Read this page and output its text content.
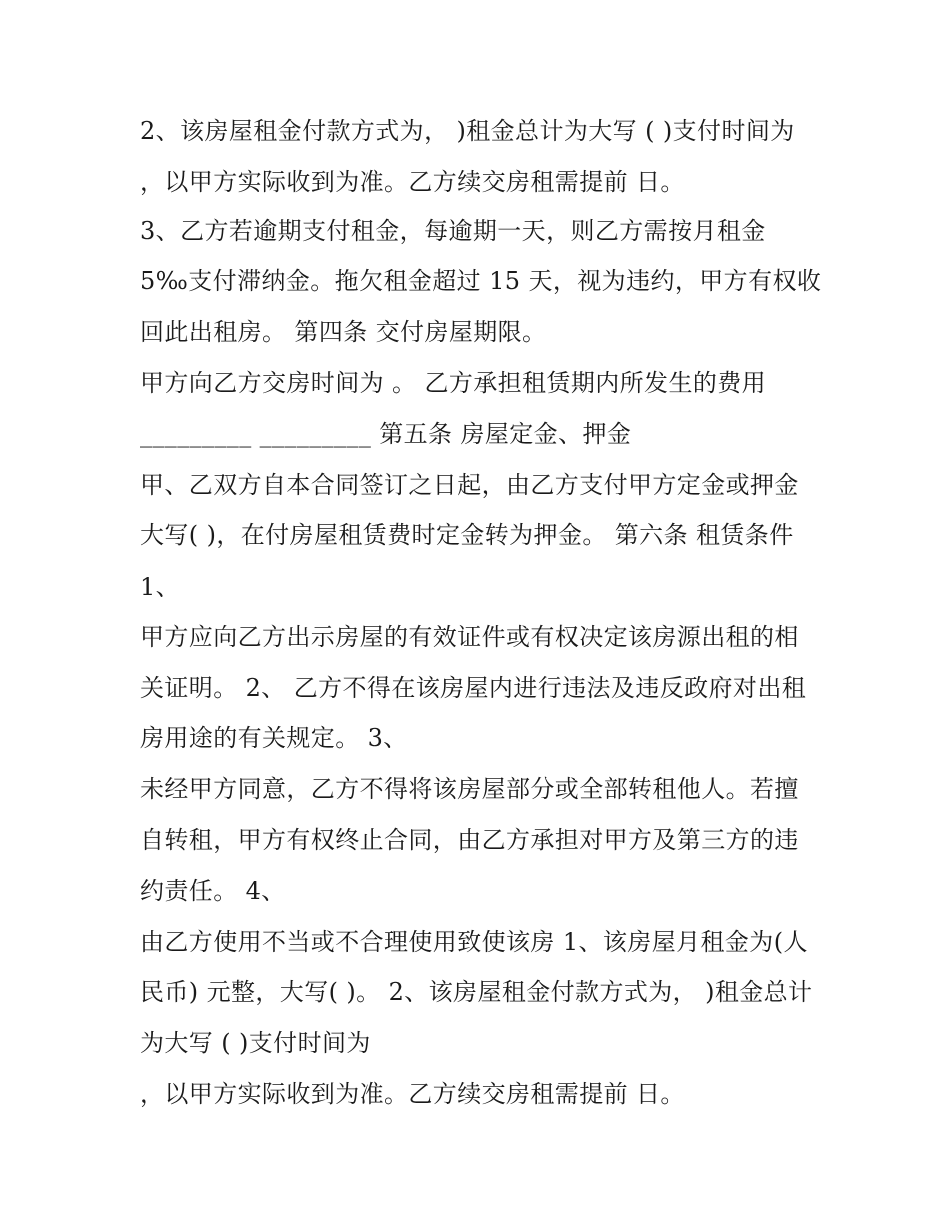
2、该房屋租金付款方式为， )租金总计为大写 ( )支付时间为
，以甲方实际收到为准。乙方续交房租需提前 日。
3、乙方若逾期支付租金，每逾期一天，则乙方需按月租金
5‰支付滞纳金。拖欠租金超过 15 天，视为违约，甲方有权收
回此出租房。 第四条 交付房屋期限。
甲方向乙方交房时间为 。 乙方承担租赁期内所发生的费用
_________ _________ 第五条 房屋定金、押金
甲、乙双方自本合同签订之日起，由乙方支付甲方定金或押金
大写( )，在付房屋租赁费时定金转为押金。 第六条 租赁条件
1、
甲方应向乙方出示房屋的有效证件或有权决定该房源出租的相
关证明。 2、 乙方不得在该房屋内进行违法及违反政府对出租
房用途的有关规定。 3、
未经甲方同意，乙方不得将该房屋部分或全部转租他人。若擅
自转租，甲方有权终止合同，由乙方承担对甲方及第三方的违
约责任。 4、
由乙方使用不当或不合理使用致使该房 1、该房屋月租金为(人
民币) 元整，大写( )。 2、该房屋租金付款方式为， )租金总计
为大写 ( )支付时间为
，以甲方实际收到为准。乙方续交房租需提前 日。
